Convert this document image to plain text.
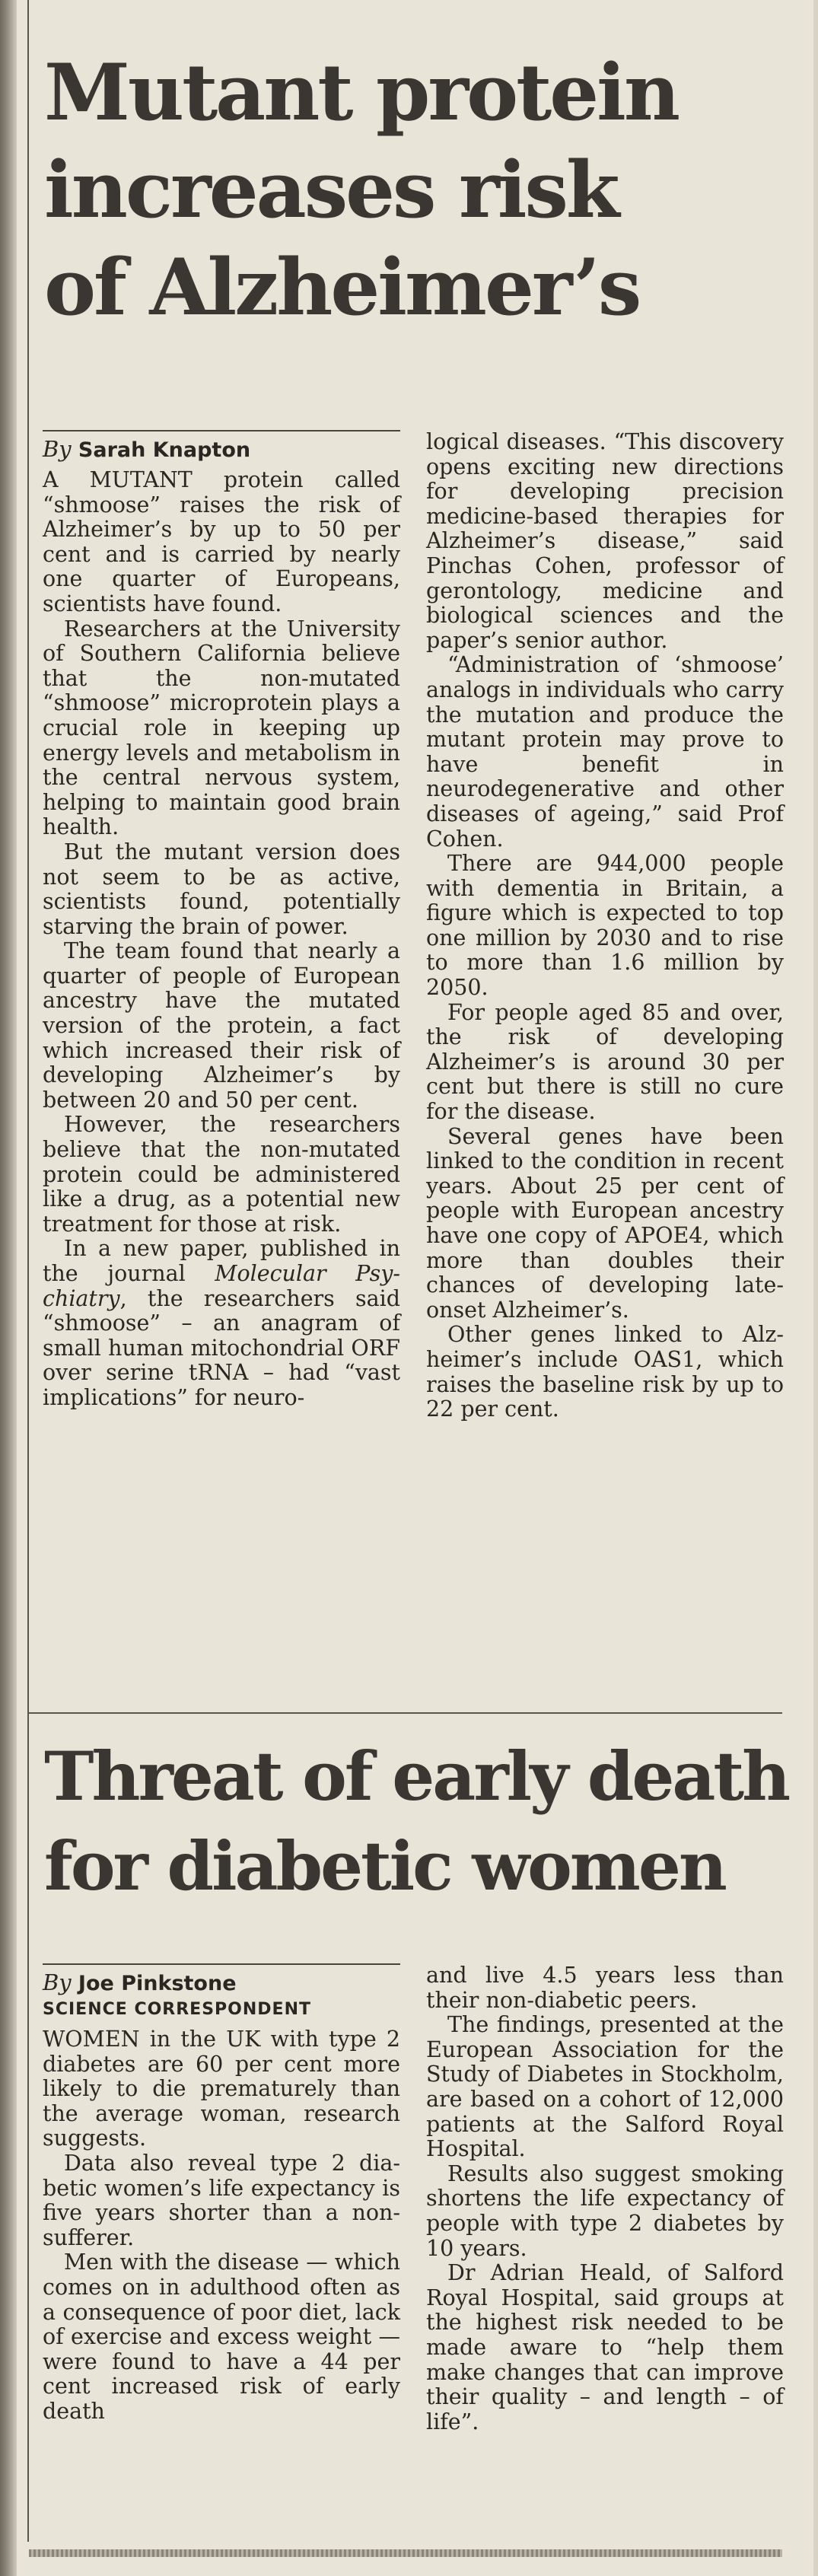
Mutant protein
increases risk
of Alzheimer’s
By Sarah Knapton

A MUTANT protein called “shmoose” raises the risk of Alzheimer’s by up to 50 per cent and is carried by nearly one quarter of Europeans, scientists have found.

Researchers at the University of Southern California believe that the non-mutated “shmoose” microprotein plays a crucial role in keeping up energy levels and metabolism in the central nervous system, helping to maintain good brain health.

But the mutant version does not seem to be as active, scientists found, potentially starving the brain of power.

The team found that nearly a quarter of people of European ancestry have the mutated version of the protein, a fact which increased their risk of developing Alzheimer’s by between 20 and 50 per cent.

However, the researchers believe that the non-mutated protein could be administered like a drug, as a potential new treatment for those at risk.

In a new paper, published in the journal Molecular Psychiatry, the researchers said “shmoose” – an anagram of small human mitochondrial ORF over serine tRNA – had “vast implications” for neuro-

logical diseases. “This discovery opens exciting new directions for developing precision medicine-based therapies for Alzheimer’s disease,” said Pinchas Cohen, professor of gerontology, medicine and biological sciences and the paper’s senior author.

“Administration of ‘shmoose’ analogs in individuals who carry the mutation and produce the mutant protein may prove to have benefit in neurodegenerative and other diseases of ageing,” said Prof Cohen.

There are 944,000 people with dementia in Britain, a figure which is expected to top one million by 2030 and to rise to more than 1.6 million by 2050.

For people aged 85 and over, the risk of developing Alzheimer’s is around 30 per cent but there is still no cure for the disease.

Several genes have been linked to the condition in recent years. About 25 per cent of people with European ancestry have one copy of APOE4, which more than doubles their chances of developing late-onset Alzheimer’s.

Other genes linked to Alzheimer’s include OAS1, which raises the baseline risk by up to 22 per cent.

Threat of early death
for diabetic women
By Joe Pinkstone
SCIENCE CORRESPONDENT

WOMEN in the UK with type 2 diabetes are 60 per cent more likely to die prematurely than the average woman, research suggests.

Data also reveal type 2 diabetic women’s life expectancy is five years shorter than a non-sufferer.

Men with the disease — which comes on in adulthood often as a consequence of poor diet, lack of exercise and excess weight — were found to have a 44 per cent increased risk of early death

and live 4.5 years less than their non-diabetic peers.

The findings, presented at the European Association for the Study of Diabetes in Stockholm, are based on a cohort of 12,000 patients at the Salford Royal Hospital.

Results also suggest smoking shortens the life expectancy of people with type 2 diabetes by 10 years.

Dr Adrian Heald, of Salford Royal Hospital, said groups at the highest risk needed to be made aware to “help them make changes that can improve their quality – and length – of life”.
